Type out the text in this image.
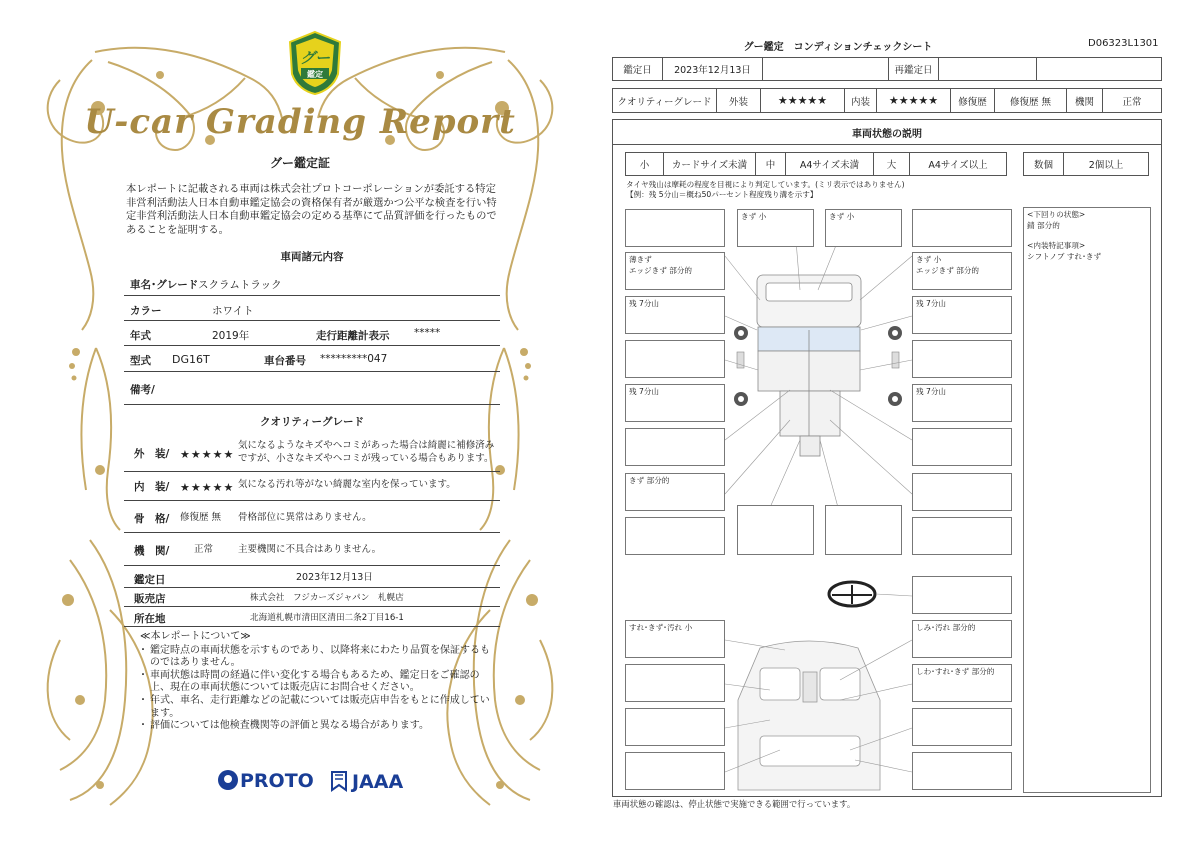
グー
鑑定
U-car Grading Report
グー鑑定証
本レポートに記載される車両は株式会社プロトコーポレーションが委託する特定非営利活動法人日本自動車鑑定協会の資格保有者が厳選かつ公平な検査を行い特定非営利活動法人日本自動車鑑定協会の定める基準にて品質評価を行ったものであることを証明する。
車両諸元内容
車名･グレード スクラムトラック
カラー	ホワイト
年式	2019年	走行距離計表示 *****
型式 DG16T	車台番号 *********047
備考/
クオリティーグレード
外　装/ ★★★★★
気になるようなキズやヘコミがあった場合は綺麗に補修済み
ですが、小さなキズやヘコミが残っている場合もあります。
内　装/ ★★★★★ 気になる汚れ等がない綺麗な室内を保っています。
骨　格/ 修復歴 無 骨格部位に異常はありません。
機　関/	正常	主要機関に不具合はありません。
鑑定日	2023年12月13日
販売店	株式会社　フジカーズジャパン　札幌店
所在地	北海道札幌市清田区清田二条2丁目16-1
≪本レポートについて≫
・ 鑑定時点の車両状態を示すものであり、以降将来にわたり品質を保証するものではありません。
・ 車両状態は時間の経過に伴い変化する場合もあるため、鑑定日をご確認の上、現在の車両状態については販売店にお問合せください。
・ 年式、車名、走行距離などの記載については販売店申告をもとに作成しています。
・ 評価については他検査機関等の評価と異なる場合があります。
PROTO	JAAA
グー鑑定　コンディションチェックシート	D06323L1301
鑑定日	2023年12月13日	再鑑定日
クオリティーグレード	外装	★★★★★	内装	★★★★★	修復歴	修復歴 無	機関	正常
車両状態の説明
小	カードサイズ未満	中	A4サイズ未満	大	A4サイズ以上	数個	2個以上
タイヤ残山は摩耗の程度を目視により判定しています。(ミリ表示ではありません)
【例：残 5分山＝概ね50パーセント程度残り溝を示す】
薄きず
エッジきず 部分的
残 7分山
残 7分山
きず 部分的
きず 小	きず 小
きず 小
エッジきず 部分的
残 7分山
残 7分山
すれ･きず･汚れ 小	しみ･汚れ 部分的
しわ･すれ･きず 部分的
<下回りの状態>
錆 部分的
<内装特記事項>
シフトノブ すれ･きず
車両状態の確認は、停止状態で実施できる範囲で行っています。
